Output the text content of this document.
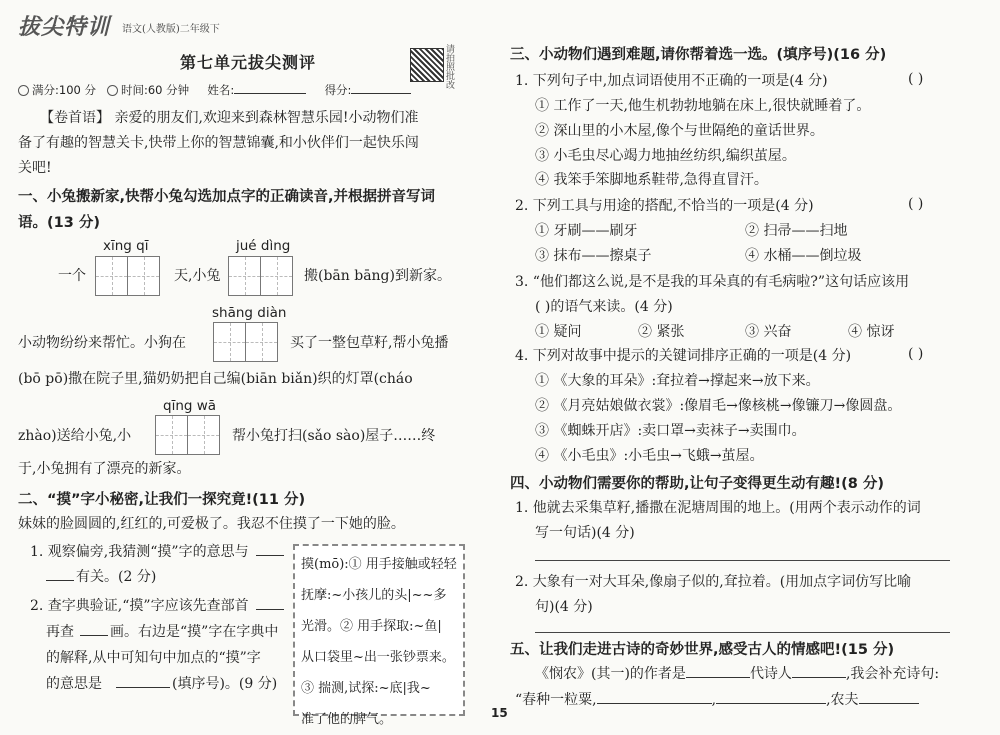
拔尖特训 语文(人教版)二年级下
第七单元拔尖测评
请拍照批改
满分:100 分 时间:60 分钟 姓名:	得分:
【卷首语】 亲爱的朋友们,欢迎来到森林智慧乐园!小动物们准
备了有趣的智慧关卡,快带上你的智慧锦囊,和小伙伴们一起快乐闯
关吧!
一、小兔搬新家,快帮小兔勾选加点字的正确读音,并根据拼音写词
语。(13 分)
xīng qī	jué dìng
一个	天,小兔	搬(bān bāng)到新家。
shāng diàn
小动物纷纷来帮忙。小狗在	买了一整包草籽,帮小兔播
(bō pō)撒在院子里,猫奶奶把自己编(biān biǎn)织的灯罩(cháo
qīng wā
zhào)送给小兔,小	帮小兔打扫(sǎo sào)屋子……终
于,小兔拥有了漂亮的新家。
二、“摸”字小秘密,让我们一探究竟!(11 分)
妹妹的脸圆圆的,红红的,可爱极了。我忍不住摸了一下她的脸。
1. 观察偏旁,我猜测“摸”字的意思与
有关。(2 分)
2. 查字典验证,“摸”字应该先查部首
再查	画。右边是“摸”字在字典中
的解释,从中可知句中加点的“摸”字
的意思是	(填序号)。(9 分)
摸(mō):① 用手接触或轻轻
抚摩:~小孩儿的头|~~多
光滑。② 用手探取:~鱼|
从口袋里~出一张钞票来。
③ 揣测,试探:~底|我~
准了他的脾气。
三、小动物们遇到难题,请你帮着选一选。(填序号)(16 分)
1. 下列句子中,加点词语使用不正确的一项是(4 分)	( )
① 工作了一天,他生机勃勃地躺在床上,很快就睡着了。
② 深山里的小木屋,像个与世隔绝的童话世界。
③ 小毛虫尽心竭力地抽丝纺织,编织茧屋。
④ 我笨手笨脚地系鞋带,急得直冒汗。
2. 下列工具与用途的搭配,不恰当的一项是(4 分)	( )
① 牙刷——刷牙	② 扫帚——扫地
③ 抹布——擦桌子	④ 水桶——倒垃圾
3. “他们都这么说,是不是我的耳朵真的有毛病啦?”这句话应该用
( )的语气来读。(4 分)
① 疑问	② 紧张	③ 兴奋	④ 惊讶
4. 下列对故事中提示的关键词排序正确的一项是(4 分)	( )
① 《大象的耳朵》:耷拉着→撑起来→放下来。
② 《月亮姑娘做衣裳》:像眉毛→像核桃→像镰刀→像圆盘。
③ 《蜘蛛开店》:卖口罩→卖袜子→卖围巾。
④ 《小毛虫》:小毛虫→飞蛾→茧屋。
四、小动物们需要你的帮助,让句子变得更生动有趣!(8 分)
1. 他就去采集草籽,播撒在泥塘周围的地上。(用两个表示动作的词
写一句话)(4 分)
2. 大象有一对大耳朵,像扇子似的,耷拉着。(用加点字词仿写比喻
句)(4 分)
五、让我们走进古诗的奇妙世界,感受古人的情感吧!(15 分)
《悯农》(其一)的作者是	代诗人	,我会补充诗句:
“春种一粒粟,	,	,农夫
15
